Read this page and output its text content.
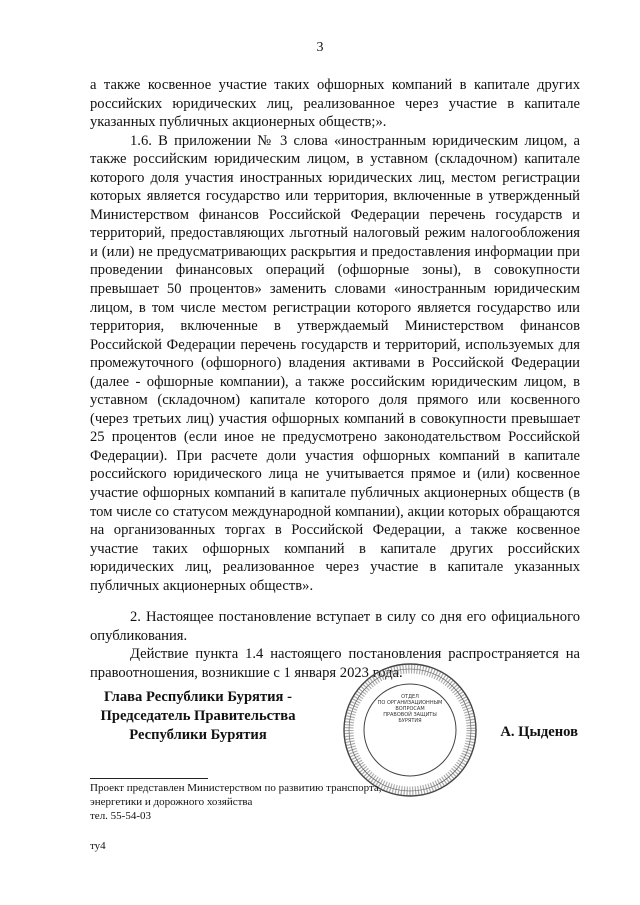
3

а также косвенное участие таких офшорных компаний в капитале других российских юридических лиц, реализованное через участие в капитале указанных публичных акционерных обществ;».

1.6. В приложении № 3 слова «иностранным юридическим лицом, а также российским юридическим лицом, в уставном (складочном) капитале которого доля участия иностранных юридических лиц, местом регистрации которых является государство или территория, включенные в утвержденный Министерством финансов Российской Федерации перечень государств и территорий, предоставляющих льготный налоговый режим налогообложения и (или) не предусматривающих раскрытия и предоставления информации при проведении финансовых операций (офшорные зоны), в совокупности превышает 50 процентов» заменить словами «иностранным юридическим лицом, в том числе местом регистрации которого является государство или территория, включенные в утверждаемый Министерством финансов Российской Федерации перечень государств и территорий, используемых для промежуточного (офшорного) владения активами в Российской Федерации (далее - офшорные компании), а также российским юридическим лицом, в уставном (складочном) капитале которого доля прямого или косвенного (через третьих лиц) участия офшорных компаний в совокупности превышает 25 процентов (если иное не предусмотрено законодательством Российской Федерации). При расчете доли участия офшорных компаний в капитале российского юридического лица не учитывается прямое и (или) косвенное участие офшорных компаний в капитале публичных акционерных обществ (в том числе со статусом международной компании), акции которых обращаются на организованных торгах в Российской Федерации, а также косвенное участие таких офшорных компаний в капитале других российских юридических лиц, реализованное через участие в капитале указанных публичных акционерных обществ».

2. Настоящее постановление вступает в силу со дня его официального опубликования.

Действие пункта 1.4 настоящего постановления распространяется на правоотношения, возникшие с 1 января 2023 года.

Глава Республики Бурятия -
Председатель Правительства
Республики Бурятия
ОТДЕЛ
ПО ОРГАНИЗАЦИОННЫМ
ВОПРОСАМ
ПРАВОВОЙ ЗАЩИТЫ
БУРЯТИЯ
А. Цыденов
Проект представлен Министерством по развитию транспорта,
энергетики и дорожного хозяйства
тел. 55-54-03
ту4
